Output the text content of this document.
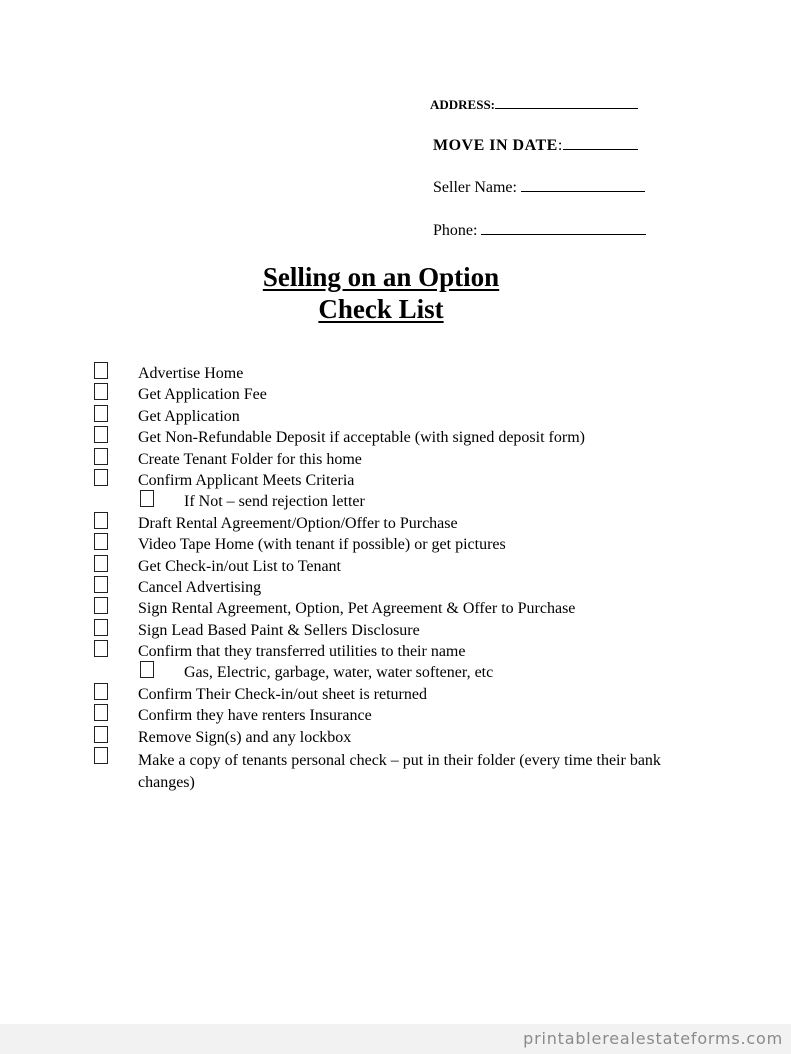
ADDRESS:
MOVE IN DATE:
Seller Name:
Phone:
Selling on an Option
Check List
Advertise Home
Get Application Fee
Get Application
Get Non-Refundable Deposit if acceptable (with signed deposit form)
Create Tenant Folder for this home
Confirm Applicant Meets Criteria
If Not – send rejection letter
Draft Rental Agreement/Option/Offer to Purchase
Video Tape Home (with tenant if possible) or get pictures
Get Check-in/out List to Tenant
Cancel Advertising
Sign Rental Agreement, Option, Pet Agreement & Offer to Purchase
Sign Lead Based Paint & Sellers Disclosure
Confirm that they transferred utilities to their name
Gas, Electric, garbage, water, water softener, etc
Confirm Their Check-in/out sheet is returned
Confirm they have renters Insurance
Remove Sign(s) and any lockbox
Make a copy of tenants personal check – put in their folder (every time their bank changes)
printablerealestateforms.com
